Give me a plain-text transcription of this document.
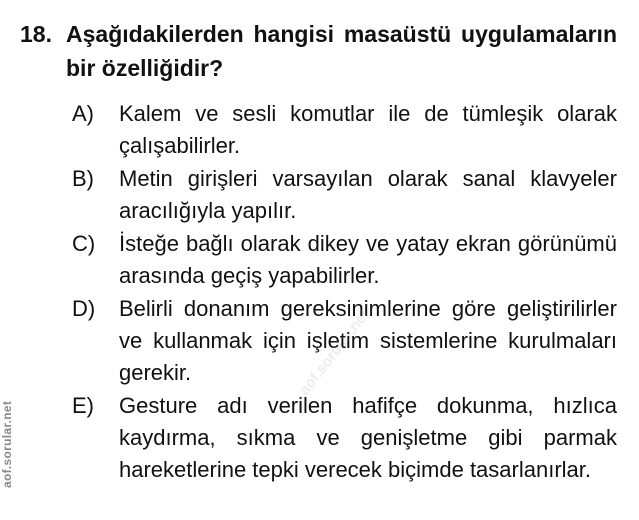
18. Aşağıdakilerden hangisi masaüstü uygulamaların bir özelliğidir?
A) Kalem ve sesli komutlar ile de tümleşik olarak çalışabilirler.
B) Metin girişleri varsayılan olarak sanal klavyeler aracılığıyla yapılır.
C) İsteğe bağlı olarak dikey ve yatay ekran görünümü arasında geçiş yapabilirler.
D) Belirli donanım gereksinimlerine göre geliştirilirler ve kullanmak için işletim sistemlerine kurulmaları gerekir.
E) Gesture adı verilen hafifçe dokunma, hızlıca kaydırma, sıkma ve genişletme gibi parmak hareketlerine tepki verecek biçimde tasarlanırlar.
aof.sorular.net
aof.sorular.net
